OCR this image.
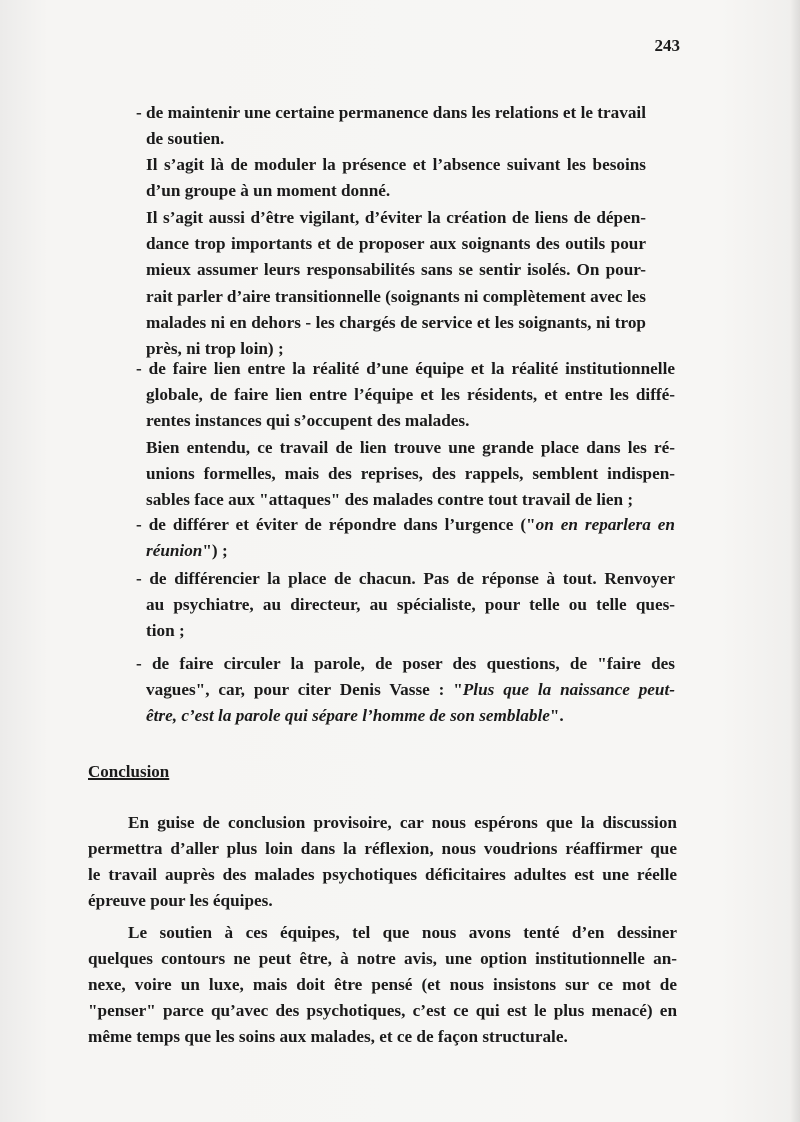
243
- de maintenir une certaine permanence dans les relations et le travail
de soutien.
Il s’agit là de moduler la présence et l’absence suivant les besoins
d’un groupe à un moment donné.
Il s’agit aussi d’être vigilant, d’éviter la création de liens de dépen-
dance trop importants et de proposer aux soignants des outils pour
mieux assumer leurs responsabilités sans se sentir isolés. On pour-
rait parler d’aire transitionnelle (soignants ni complètement avec les
malades ni en dehors - les chargés de service et les soignants, ni trop
près, ni trop loin) ;
- de faire lien entre la réalité d’une équipe et la réalité institutionnelle
globale, de faire lien entre l’équipe et les résidents, et entre les diffé-
rentes instances qui s’occupent des malades.
Bien entendu, ce travail de lien trouve une grande place dans les ré-
unions formelles, mais des reprises, des rappels, semblent indispen-
sables face aux "attaques" des malades contre tout travail de lien ;
- de différer et éviter de répondre dans l’urgence ("on en reparlera en
réunion") ;
- de différencier la place de chacun. Pas de réponse à tout. Renvoyer
au psychiatre, au directeur, au spécialiste, pour telle ou telle ques-
tion ;
- de faire circuler la parole, de poser des questions, de "faire des
vagues", car, pour citer Denis Vasse : "Plus que la naissance peut-
être, c’est la parole qui sépare l’homme de son semblable".
Conclusion
En guise de conclusion provisoire, car nous espérons que la discussion
permettra d’aller plus loin dans la réflexion, nous voudrions réaffirmer que
le travail auprès des malades psychotiques déficitaires adultes est une réelle
épreuve pour les équipes.
Le soutien à ces équipes, tel que nous avons tenté d’en dessiner
quelques contours ne peut être, à notre avis, une option institutionnelle an-
nexe, voire un luxe, mais doit être pensé (et nous insistons sur ce mot de
"penser" parce qu’avec des psychotiques, c’est ce qui est le plus menacé) en
même temps que les soins aux malades, et ce de façon structurale.
